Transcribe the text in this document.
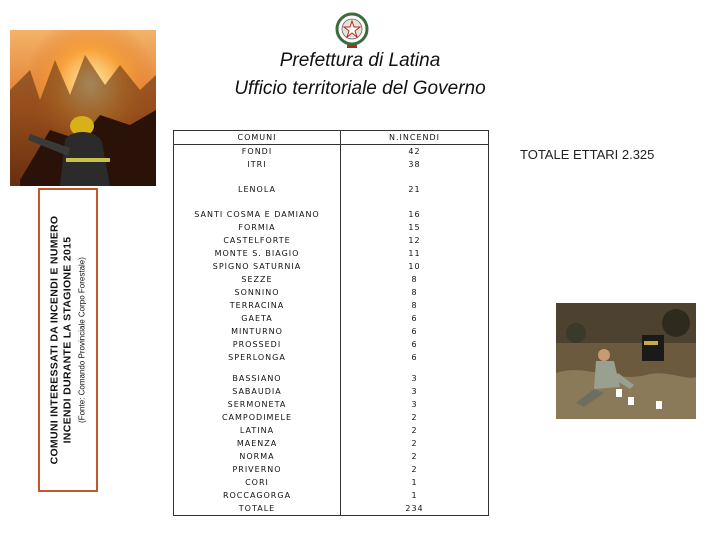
Prefettura di Latina
Ufficio territoriale del Governo
COMUNI INTERESSATI DA INCENDI E NUMERO INCENDI DURANTE LA STAGIONE 2015 (Fonte: Comando Provinciale Corpo Forestale)
TOTALE ETTARI 2.325
COMUNI	N.INCENDI
FONDI	42
ITRI	38

LENOLA	21

SANTI COSMA E DAMIANO	16
FORMIA	15
CASTELFORTE	12
MONTE S. BIAGIO	11
SPIGNO SATURNIA	10
SEZZE	8
SONNINO	8
TERRACINA	8
GAETA	6
MINTURNO	6
PROSSEDI	6
SPERLONGA	6

BASSIANO	3
SABAUDIA	3
SERMONETA	3
CAMPODIMELE	2
LATINA	2
MAENZA	2
NORMA	2
PRIVERNO	2
CORI	1
ROCCAGORGA	1
TOTALE	234
